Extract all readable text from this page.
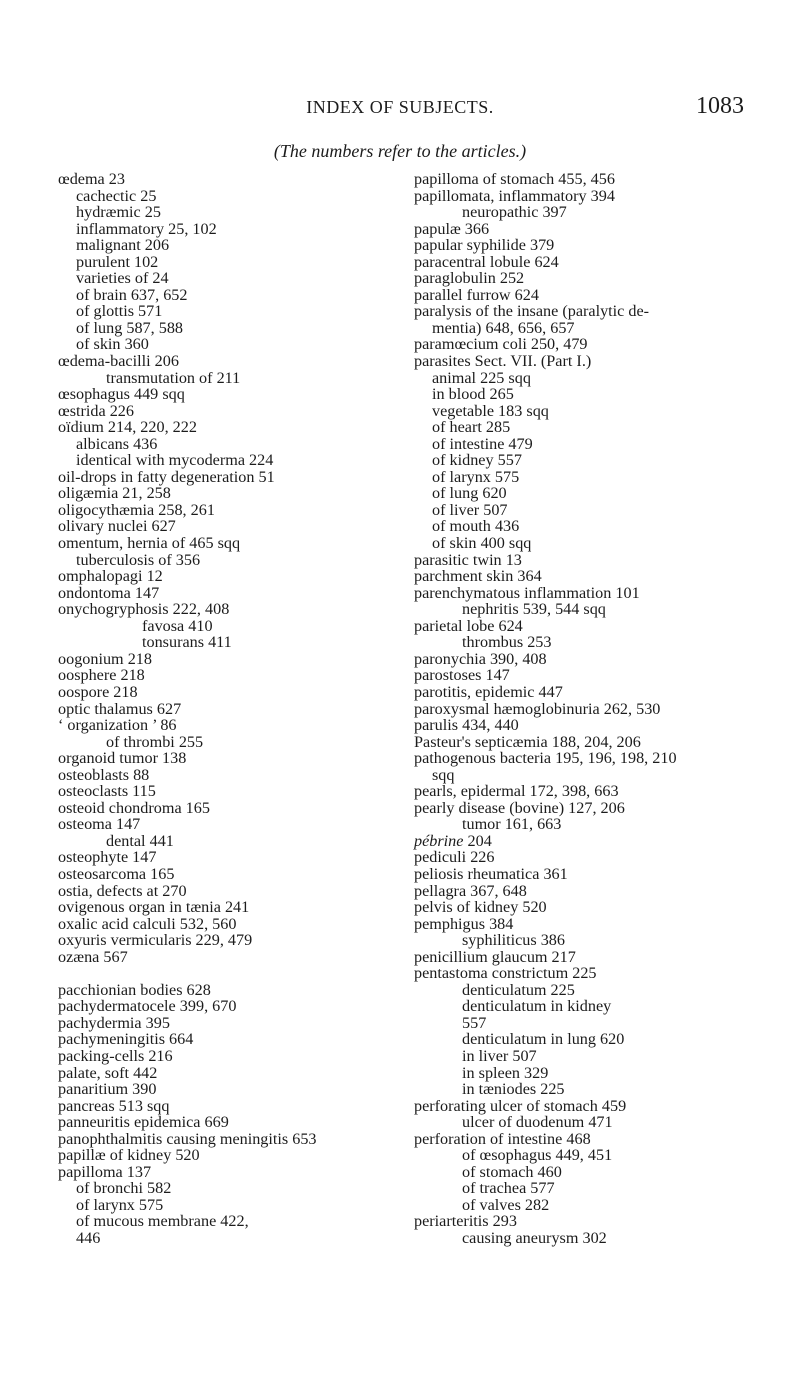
INDEX OF SUBJECTS.	1083
(The numbers refer to the articles.)
œdema 23
cachectic 25
hydræmic 25
inflammatory 25, 102
malignant 206
purulent 102
varieties of 24
of brain 637, 652
of glottis 571
of lung 587, 588
of skin 360
œdema-bacilli 206
transmutation of 211
œsophagus 449 sqq
œstrida 226
oïdium 214, 220, 222
albicans 436
identical with mycoderma 224
oil-drops in fatty degeneration 51
oligæmia 21, 258
oligocythæmia 258, 261
olivary nuclei 627
omentum, hernia of 465 sqq
tuberculosis of 356
omphalopagi 12
ondontoma 147
onychogryphosis 222, 408
favosa 410
tonsurans 411
oogonium 218
oosphere 218
oospore 218
optic thalamus 627
‘ organization ’ 86
of thrombi 255
organoid tumor 138
osteoblasts 88
osteoclasts 115
osteoid chondroma 165
osteoma 147
dental 441
osteophyte 147
osteosarcoma 165
ostia, defects at 270
ovigenous organ in tænia 241
oxalic acid calculi 532, 560
oxyuris vermicularis 229, 479
ozæna 567
pacchionian bodies 628
pachydermatocele 399, 670
pachydermia 395
pachymeningitis 664
packing-cells 216
palate, soft 442
panaritium 390
pancreas 513 sqq
panneuritis epidemica 669
panophthalmitis causing meningitis 653
papillæ of kidney 520
papilloma 137
of bronchi 582
of larynx 575
of mucous membrane 422,
446
papilloma of stomach 455, 456
papillomata, inflammatory 394
neuropathic 397
papulæ 366
papular syphilide 379
paracentral lobule 624
paraglobulin 252
parallel furrow 624
paralysis of the insane (paralytic de-
mentia) 648, 656, 657
paramœcium coli 250, 479
parasites Sect. VII. (Part I.)
animal 225 sqq
in blood 265
vegetable 183 sqq
of heart 285
of intestine 479
of kidney 557
of larynx 575
of lung 620
of liver 507
of mouth 436
of skin 400 sqq
parasitic twin 13
parchment skin 364
parenchymatous inflammation 101
nephritis 539, 544 sqq
parietal lobe 624
thrombus 253
paronychia 390, 408
parostoses 147
parotitis, epidemic 447
paroxysmal hæmoglobinuria 262, 530
parulis 434, 440
Pasteur's septicæmia 188, 204, 206
pathogenous bacteria 195, 196, 198, 210
sqq
pearls, epidermal 172, 398, 663
pearly disease (bovine) 127, 206
tumor 161, 663
pébrine 204
pediculi 226
peliosis rheumatica 361
pellagra 367, 648
pelvis of kidney 520
pemphigus 384
syphiliticus 386
penicillium glaucum 217
pentastoma constrictum 225
denticulatum 225
denticulatum in kidney
557
denticulatum in lung 620
in liver 507
in spleen 329
in tæniodes 225
perforating ulcer of stomach 459
ulcer of duodenum 471
perforation of intestine 468
of œsophagus 449, 451
of stomach 460
of trachea 577
of valves 282
periarteritis 293
causing aneurysm 302
